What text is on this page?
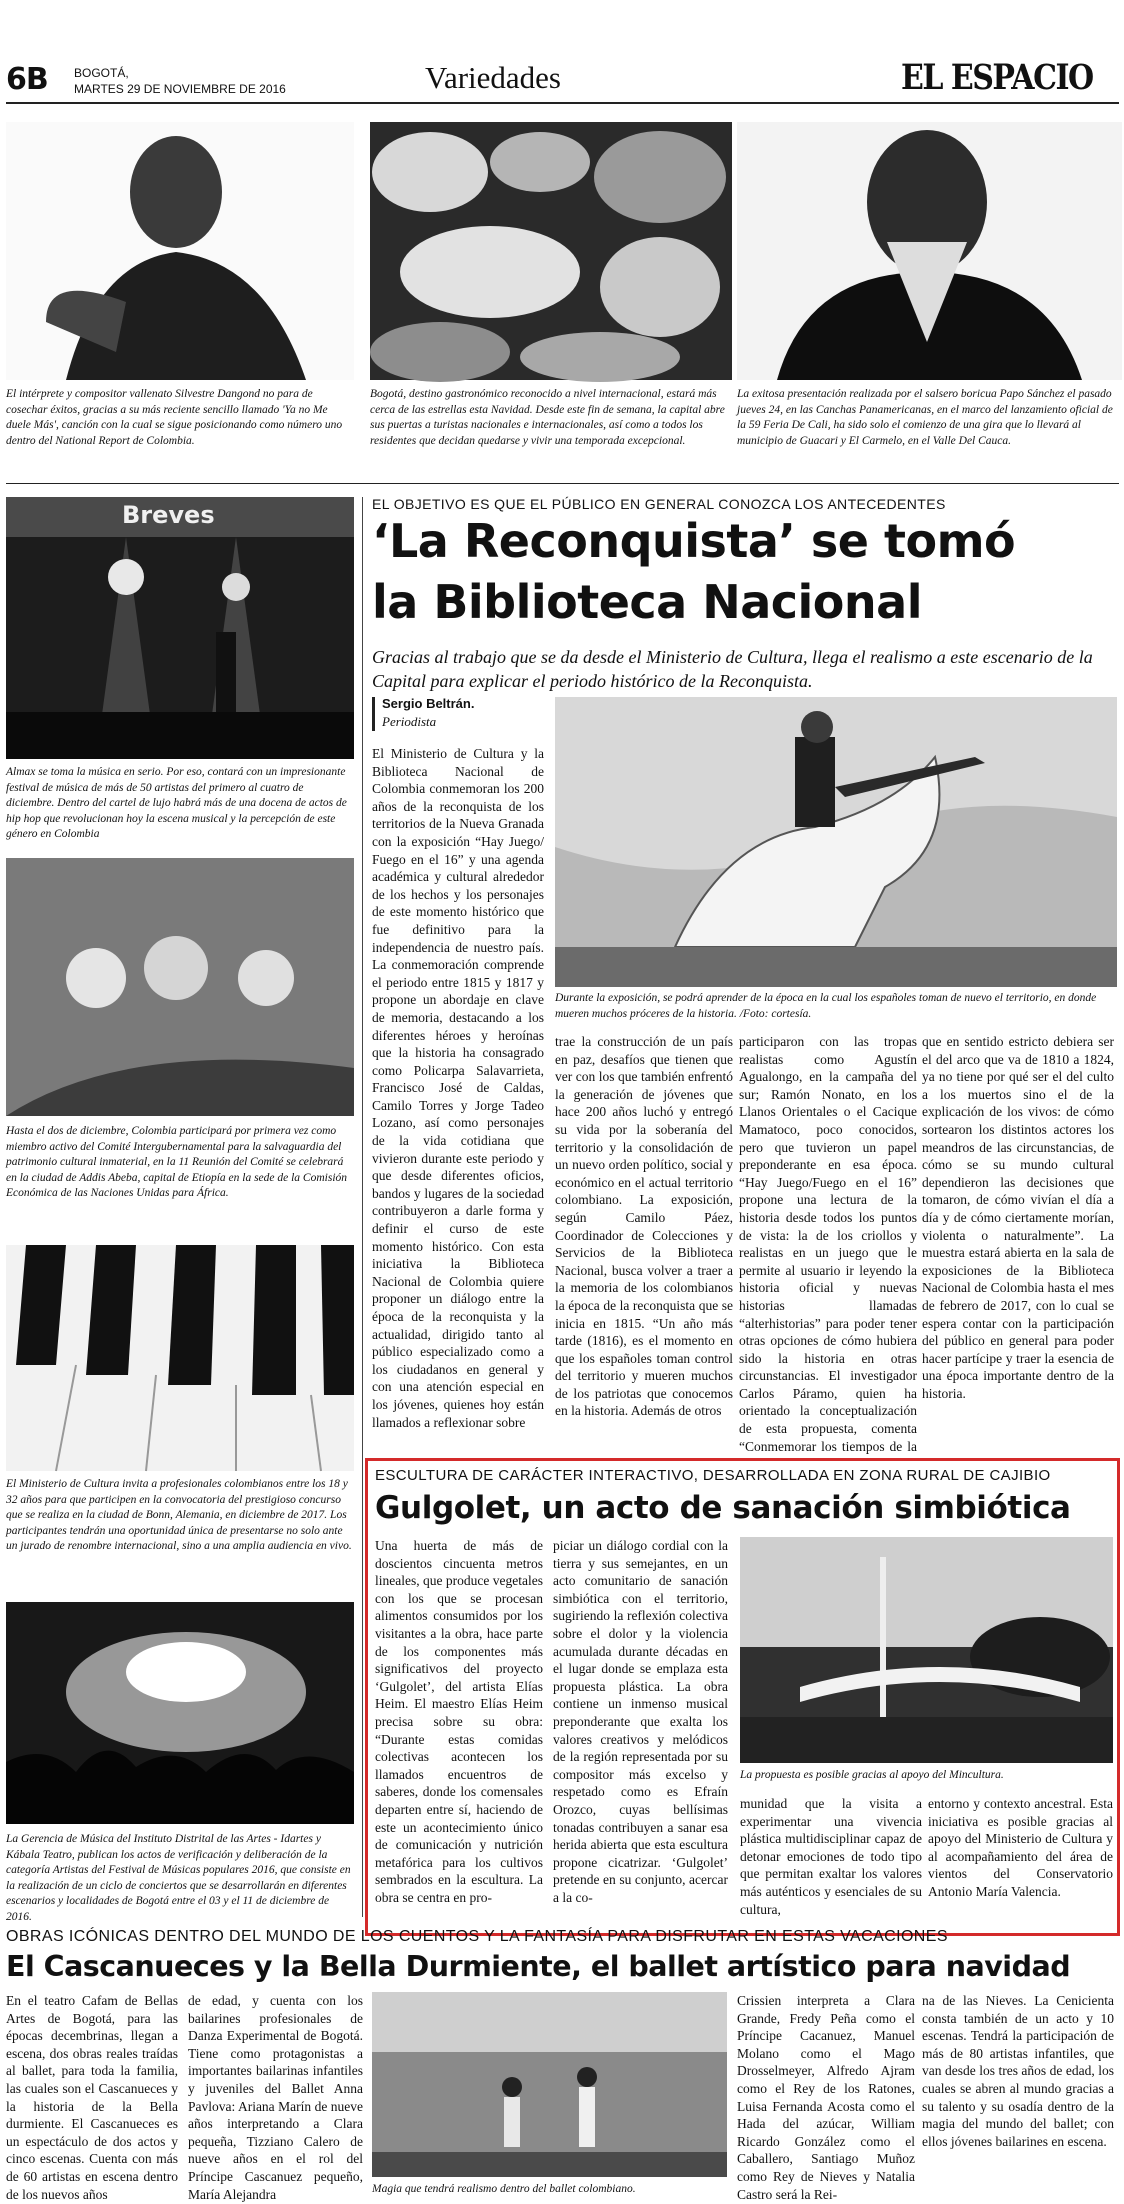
6B BOGOTÁ,
MARTES 29 DE NOVIEMBRE DE 2016	Variedades	EL ESPACIO
El intérprete y compositor vallenato Silvestre Dangond no para de cosechar éxitos, gracias a su más reciente sencillo llamado 'Ya no Me duele Más', canción con la cual se sigue posicionando como número uno dentro del National Report de Colombia.
Bogotá, destino gastronómico reconocido a nivel internacional, estará más cerca de las estrellas esta Navidad. Desde este fin de semana, la capital abre sus puertas a turistas nacionales e internacionales, así como a todos los residentes que decidan quedarse y vivir una temporada excepcional.
La exitosa presentación realizada por el salsero boricua Papo Sánchez el pasado jueves 24, en las Canchas Panamericanas, en el marco del lanzamiento oficial de la 59 Feria De Cali, ha sido solo el comienzo de una gira que lo llevará al municipio de Guacari y El Carmelo, en el Valle Del Cauca.
Breves
Almax se toma la música en serio. Por eso, contará con un impresionante festival de música de más de 50 artistas del primero al cuatro de diciembre. Dentro del cartel de lujo habrá más de una docena de actos de hip hop que revolucionan hoy la escena musical y la percepción de este género en Colombia
Hasta el dos de diciembre, Colombia participará por primera vez como miembro activo del Comité Intergubernamental para la salvaguardia del patrimonio cultural inmaterial, en la 11 Reunión del Comité se celebrará en la ciudad de Addis Abeba, capital de Etiopía en la sede de la Comisión Económica de las Naciones Unidas para África.
El Ministerio de Cultura invita a profesionales colombianos entre los 18 y 32 años para que participen en la convocatoria del prestigioso concurso que se realiza en la ciudad de Bonn, Alemania, en diciembre de 2017. Los participantes tendrán una oportunidad única de presentarse no solo ante un jurado de renombre internacional, sino a una amplia audiencia en vivo.
La Gerencia de Música del Instituto Distrital de las Artes - Idartes y Kábala Teatro, publican los actos de verificación y deliberación de la categoría Artistas del Festival de Músicas populares 2016, que consiste en la realización de un ciclo de conciertos que se desarrollarán en diferentes escenarios y localidades de Bogotá entre el 03 y el 11 de diciembre de 2016.
EL OBJETIVO ES QUE EL PÚBLICO EN GENERAL CONOZCA LOS ANTECEDENTES
‘La Reconquista’ se tomó
la Biblioteca Nacional
Gracias al trabajo que se da desde el Ministerio de Cultura, llega el realismo a este escenario de la Capital para explicar el periodo histórico de la Reconquista.
Sergio Beltrán.
Periodista
Durante la exposición, se podrá aprender de la época en la cual los españoles toman de nuevo el territorio, en donde mueren muchos próceres de la historia. /Foto: cortesía.
El Ministerio de Cultura y la Biblioteca Nacional de Colombia conmemoran los 200 años de la reconquista de los territorios de la Nueva Granada con la exposición “Hay Juego/ Fuego en el 16” y una agenda académica y cultural alrededor de los hechos y los personajes de este momento histórico que fue definitivo para la independencia de nuestro país. La conmemoración comprende el periodo entre 1815 y 1817 y propone un abordaje en clave de memoria, destacando a los diferentes héroes y heroínas que la historia ha consagrado como Policarpa Salavarrieta, Francisco José de Caldas, Camilo Torres y Jorge Tadeo Lozano, así como personajes de la vida cotidiana que vivieron durante este periodo y que desde diferentes oficios, bandos y lugares de la sociedad contribuyeron a darle forma y definir el curso de este momento histórico. Con esta iniciativa la Biblioteca Nacional de Colombia quiere proponer un diálogo entre la época de la reconquista y la actualidad, dirigido tanto al público especializado como a los ciudadanos en general y con una atención especial en los jóvenes, quienes hoy están llamados a reflexionar sobre
trae la construcción de un país en paz, desafíos que tienen que ver con los que también enfrentó la generación de jóvenes que hace 200 años luchó y entregó su vida por la soberanía del territorio y la consolidación de un nuevo orden político, social y económico en el actual territorio colombiano. La exposición, según Camilo Páez, Coordinador de Colecciones y Servicios de la Biblioteca Nacional, busca volver a traer a la memoria de los colombianos la época de la reconquista que se inicia en 1815. “Un año más tarde (1816), es el momento en que los españoles toman control del territorio y mueren muchos de los patriotas que conocemos en la historia. Además de otros
participaron con las tropas realistas como Agustín Agualongo, en la campaña del sur; Ramón Nonato, en los Llanos Orientales o el Cacique Mamatoco, poco conocidos, pero que tuvieron un papel preponderante en esa época. “Hay Juego/Fuego en el 16” propone una lectura de la historia desde todos los puntos de vista: la de los criollos y realistas en un juego que le permite al usuario ir leyendo la historia oficial y nuevas historias llamadas “alterhistorias” para poder tener otras opciones de cómo hubiera sido la historia en otras circunstancias. El investigador Carlos Páramo, quien ha orientado la conceptualización de esta propuesta, comenta “Conmemorar los tiempos de la
que en sentido estricto debiera ser el del arco que va de 1810 a 1824, ya no tiene por qué ser el del culto a los muertos sino el de la explicación de los vivos: de cómo sortearon los distintos actores los meandros de las circunstancias, de cómo se su mundo cultural dependieron las decisiones que tomaron, de cómo vivían el día a día y de cómo ciertamente morían, violenta o naturalmente”. La muestra estará abierta en la sala de exposiciones de la Biblioteca Nacional de Colombia hasta el mes de febrero de 2017, con lo cual se espera contar con la participación del público en general para poder hacer partícipe y traer la esencia de una época importante dentro de la historia.
ESCULTURA DE CARÁCTER INTERACTIVO, DESARROLLADA EN ZONA RURAL DE CAJIBIO
Gulgolet, un acto de sanación simbiótica
Una huerta de más de doscientos cincuenta metros lineales, que produce vegetales con los que se procesan alimentos consumidos por los visitantes a la obra, hace parte de los componentes más significativos del proyecto ‘Gulgolet’, del artista Elías Heim. El maestro Elías Heim precisa sobre su obra: “Durante estas comidas colectivas acontecen los llamados encuentros de saberes, donde los comensales departen entre sí, haciendo de este un acontecimiento único de comunicación y nutrición metafórica para los cultivos sembrados en la escultura. La obra se centra en pro-
piciar un diálogo cordial con la tierra y sus semejantes, en un acto comunitario de sanación simbiótica con el territorio, sugiriendo la reflexión colectiva sobre el dolor y la violencia acumulada durante décadas en el lugar donde se emplaza esta propuesta plástica. La obra contiene un inmenso musical preponderante que exalta los valores creativos y melódicos de la región representada por su compositor más excelso y respetado como es Efraín Orozco, cuyas bellísimas tonadas contribuyen a sanar esa herida abierta que esta escultura propone cicatrizar. ‘Gulgolet’ pretende en su conjunto, acercar a la co-
La propuesta es posible gracias al apoyo del Mincultura.
munidad que la visita a experimentar una vivencia plástica multidisciplinar capaz de detonar emociones de todo tipo que permitan exaltar los valores más auténticos y esenciales de su cultura,
entorno y contexto ancestral. Esta iniciativa es posible gracias al apoyo del Ministerio de Cultura y al acompañamiento del área de vientos del Conservatorio Antonio María Valencia.
OBRAS ICÓNICAS DENTRO DEL MUNDO DE LOS CUENTOS Y LA FANTASÍA PARA DISFRUTAR EN ESTAS VACACIONES
El Cascanueces y la Bella Durmiente, el ballet artístico para navidad
En el teatro Cafam de Bellas Artes de Bogotá, para las épocas decembrinas, llegan a escena, dos obras reales traídas al ballet, para toda la familia, las cuales son el Cascanueces y la historia de la Bella durmiente. El Cascanueces es un espectáculo de dos actos y cinco escenas. Cuenta con más de 60 artistas en escena dentro de los nuevos años
de edad, y cuenta con los bailarines profesionales de Danza Experimental de Bogotá. Tiene como protagonistas a importantes bailarinas infantiles y juveniles del Ballet Anna Pavlova: Ariana Marín de nueve años interpretando a Clara pequeña, Tizziano Calero de nueve años en el rol del Príncipe Cascanuez pequeño, María Alejandra	Magia que tendrá realismo dentro del ballet colombiano.
Crissien interpreta a Clara Grande, Fredy Peña como el Príncipe Cacanuez, Manuel Molano como el Mago Drosselmeyer, Alfredo Ajram como el Rey de los Ratones, Luisa Fernanda Acosta como el Hada del azúcar, William Ricardo González como el Caballero, Santiago Muñoz como Rey de Nieves y Natalia Castro será la Rei-
na de las Nieves. La Cenicienta consta también de un acto y 10 escenas. Tendrá la participación de más de 80 artistas infantiles, que van desde los tres años de edad, los cuales se abren al mundo gracias a su talento y su osadía dentro de la magia del mundo del ballet; con ellos jóvenes bailarines en escena.
